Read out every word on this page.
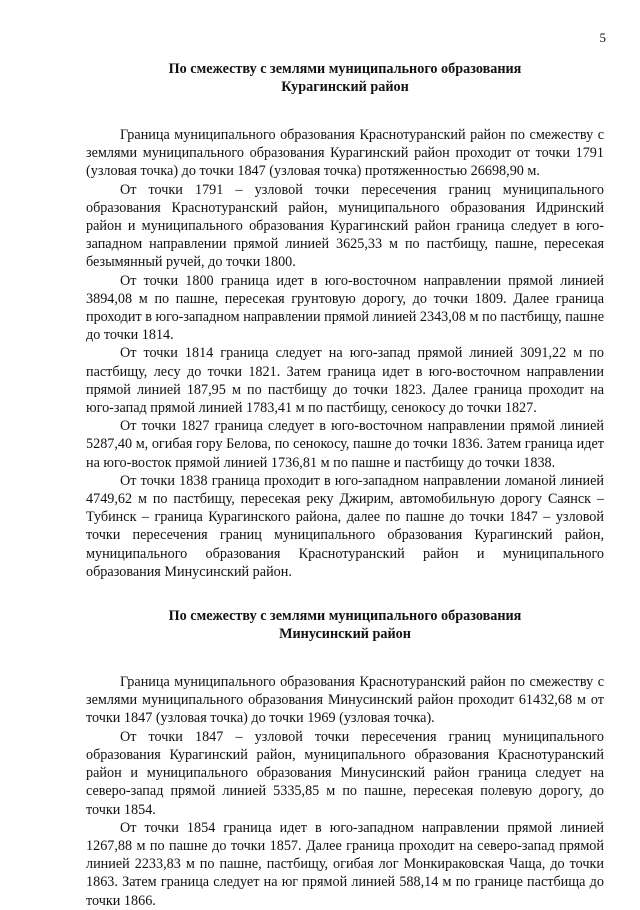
5
По смежеству с землями муниципального образования
Курагинский район

Граница муниципального образования Краснотуранский район по смежеству с землями муниципального образования Курагинский район проходит от точки 1791 (узловая точка) до точки 1847 (узловая точка) протяженностью 26698,90 м.

От точки 1791 – узловой точки пересечения границ муниципального образования Краснотуранский район, муниципального образования Идринский район и муниципального образования Курагинский район граница следует в юго-западном направлении прямой линией 3625,33 м по пастбищу, пашне, пересекая безымянный ручей, до точки 1800.

От точки 1800 граница идет в юго-восточном направлении прямой линией 3894,08 м по пашне, пересекая грунтовую дорогу, до точки 1809. Далее граница проходит в юго-западном направлении прямой линией 2343,08 м по пастбищу, пашне до точки 1814.

От точки 1814 граница следует на юго-запад прямой линией 3091,22 м по пастбищу, лесу до точки 1821. Затем граница идет в юго-восточном направлении прямой линией 187,95 м по пастбищу до точки 1823. Далее граница проходит на юго-запад прямой линией 1783,41 м по пастбищу, сенокосу до точки 1827.

От точки 1827 граница следует в юго-восточном направлении прямой линией 5287,40 м, огибая гору Белова, по сенокосу, пашне до точки 1836. Затем граница идет на юго-восток прямой линией 1736,81 м по пашне и пастбищу до точки 1838.

От точки 1838 граница проходит в юго-западном направлении ломаной линией 4749,62 м по пастбищу, пересекая реку Джирим, автомобильную дорогу Саянск – Тубинск – граница Курагинского района, далее по пашне до точки 1847 – узловой точки пересечения границ муниципального образования Курагинский район, муниципального образования Краснотуранский район и муниципального образования Минусинский район.

По смежеству с землями муниципального образования
Минусинский район

Граница муниципального образования Краснотуранский район по смежеству с землями муниципального образования Минусинский район проходит 61432,68 м от точки 1847 (узловая точка) до точки 1969 (узловая точка).

От точки 1847 – узловой точки пересечения границ муниципального образования Курагинский район, муниципального образования Краснотуранский район и муниципального образования Минусинский район граница следует на северо-запад прямой линией 5335,85 м по пашне, пересекая полевую дорогу, до точки 1854.

От точки 1854 граница идет в юго-западном направлении прямой линией 1267,88 м по пашне до точки 1857. Далее граница проходит на северо-запад прямой линией 2233,83 м по пашне, пастбищу, огибая лог Монкираковская Чаща, до точки 1863. Затем граница следует на юг прямой линией 588,14 м по границе пастбища до точки 1866.
